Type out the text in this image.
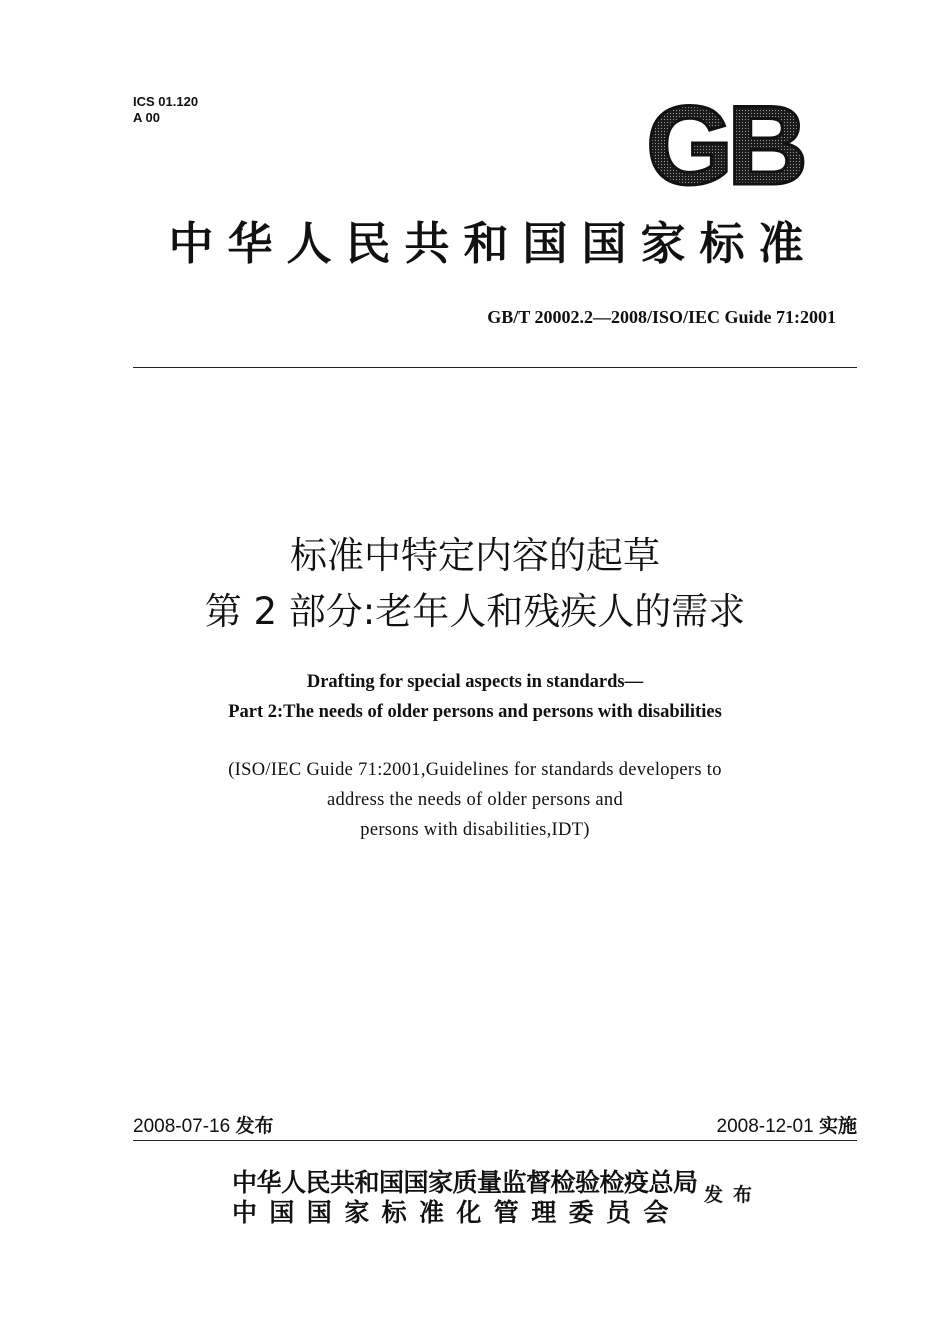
ICS 01.120
A 00	GB
中华人民共和国国家标准
GB/T 20002.2—2008/ISO/IEC Guide 71:2001
标准中特定内容的起草
第 2 部分:老年人和残疾人的需求
Drafting for special aspects in standards—
Part 2:The needs of older persons and persons with disabilities
(ISO/IEC Guide 71:2001,Guidelines for standards developers to
address the needs of older persons and
persons with disabilities,IDT)
2008-07-16 发布	2008-12-01 实施
中华人民共和国国家质量监督检验检疫总局
中国国家标准化管理委员会
发布
